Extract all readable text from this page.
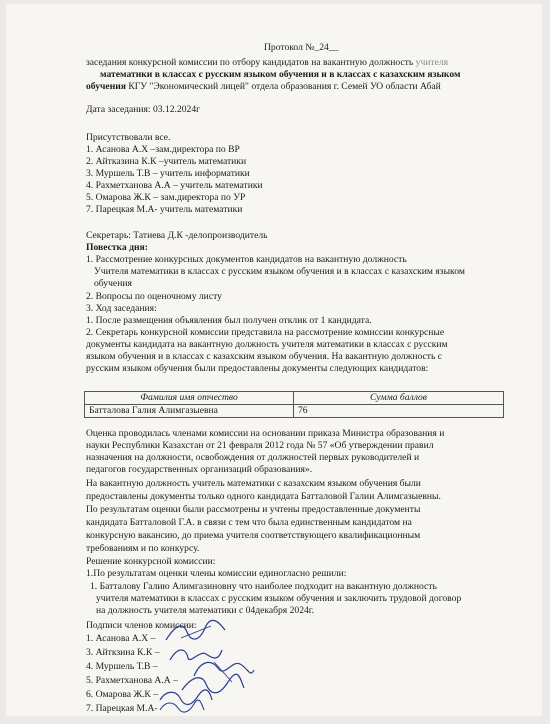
Протокол №_24__
заседания конкурсной комиссии по отбору кандидатов на вакантную должность учителя
математики в классах с русским языком обучения и в классах с казахским языком
обучения КГУ "Экономический лицей" отдела образования г. Семей УО области Абай
Дата заседания: 03.12.2024г
Присутствовали все.
1. Асанова А.Х –зам.директора по ВР
2. Айтказина К.К –учитель математики
3. Муршель Т.В – учитель информатики
4. Рахметханова А.А – учитель математики
5. Омарова Ж.К – зам.директора по УР
7. Парецкая М.А- учитель математики
Секретарь: Татиева Д.К -делопроизводитель
Повестка дня:
1. Рассмотрение конкурсных документов кандидатов на вакантную должность
Учителя математики в классах с русским языком обучения и в классах с казахским языком
обучения
2. Вопросы по оценочному листу
3. Ход заседания:
1. После размещения объявления был получен отклик от 1 кандидата.
2. Секретарь конкурсной комиссии представила на рассмотрение комиссии конкурсные
документы кандидата на вакантную должность учителя математики в классах с русским
языком обучения и в классах с казахским языком обучения. На вакантную должность с
русским языком обучения были предоставлены документы следующих кандидатов:
Фамилия имя отчество	Сумма баллов
Батталова Галия Алимгазыевна	76
Оценка проводилась членами комиссии на основании приказа Министра образования и
науки Республики Казахстан от 21 февраля 2012 года № 57 «Об утверждении правил
назначения на должности, освобождения от должностей первых руководителей и
педагогов государственных организаций образования».
На вакантную должность учитель математики с казахским языком обучения были
предоставлены документы только одного кандидата Батталовой Галии Алимгазыевны.
По результатам оценки были рассмотрены и учтены предоставленные документы
кандидата Батталовой Г.А. в связи с тем что была единственным кандидатом на
конкурсную вакансию, до приема учителя соответствующего квалификационным
требованиям и по конкурсу.
Решение конкурсной комиссии:
1.По результатам оценки члены комиссии единогласно решили:
1. Батталову Галию Алимгазиновну что наиболее подходит на вакантную должность
учителя математики в классах с русским языком обучения и заключить трудовой договор
на должность учителя математики с 04декабря 2024г.
Подписи членов комиссии:
1. Асанова А.Х –
3. Айткзина К.К –
4. Муршель Т.В –
5. Рахметханова А.А –
6. Омарова Ж.К –
7. Парецкая М.А-
